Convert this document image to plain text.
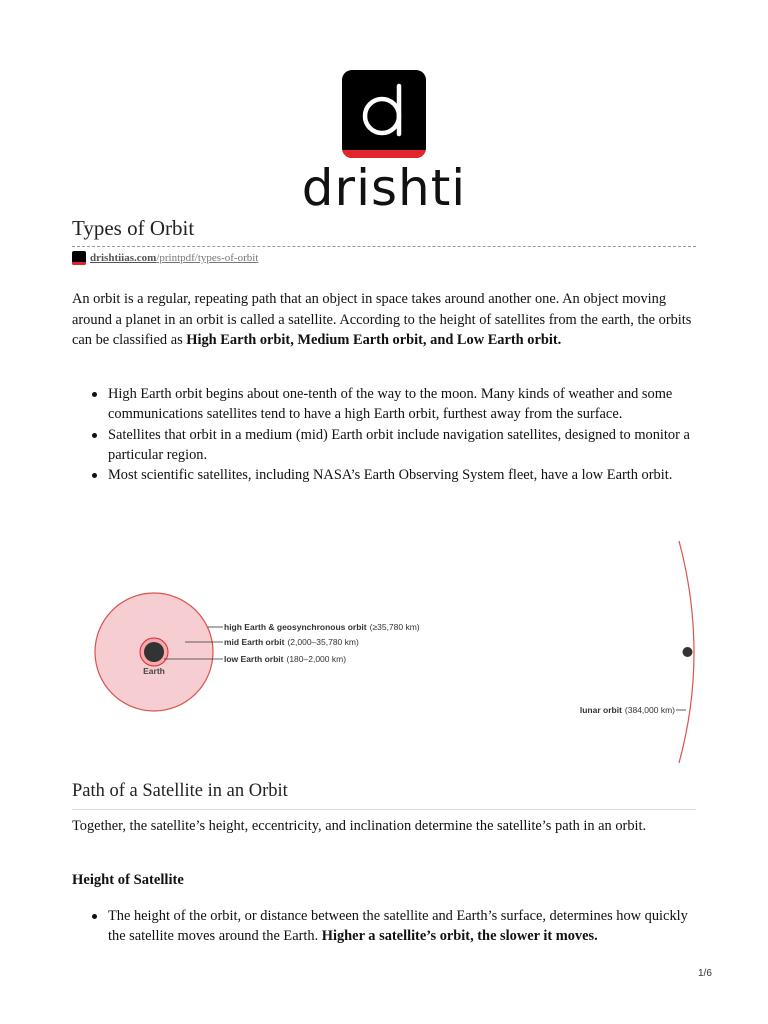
drishti
Types of Orbit
drishtiias.com /printpdf/types-of-orbit

An orbit is a regular, repeating path that an object in space takes around another one. An object moving around a planet in an orbit is called a satellite. According to the height of satellites from the earth, the orbits can be classified as High Earth orbit, Medium Earth orbit, and Low Earth orbit.

High Earth orbit begins about one-tenth of the way to the moon. Many kinds of weather and some communications satellites tend to have a high Earth orbit, furthest away from the surface.
Satellites that orbit in a medium (mid) Earth orbit include navigation satellites, designed to monitor a particular region.
Most scientific satellites, including NASA’s Earth Observing System fleet, have a low Earth orbit.
Earth
high Earth & geosynchronous orbit (≥35,780 km)
mid Earth orbit (2,000–35,780 km)
low Earth orbit (180–2,000 km)
lunar orbit (384,000 km)
Path of a Satellite in an Orbit

Together, the satellite’s height, eccentricity, and inclination determine the satellite’s path in an orbit.

Height of Satellite
The height of the orbit, or distance between the satellite and Earth’s surface, determines how quickly the satellite moves around the Earth. Higher a satellite’s orbit, the slower it moves.
1/6
